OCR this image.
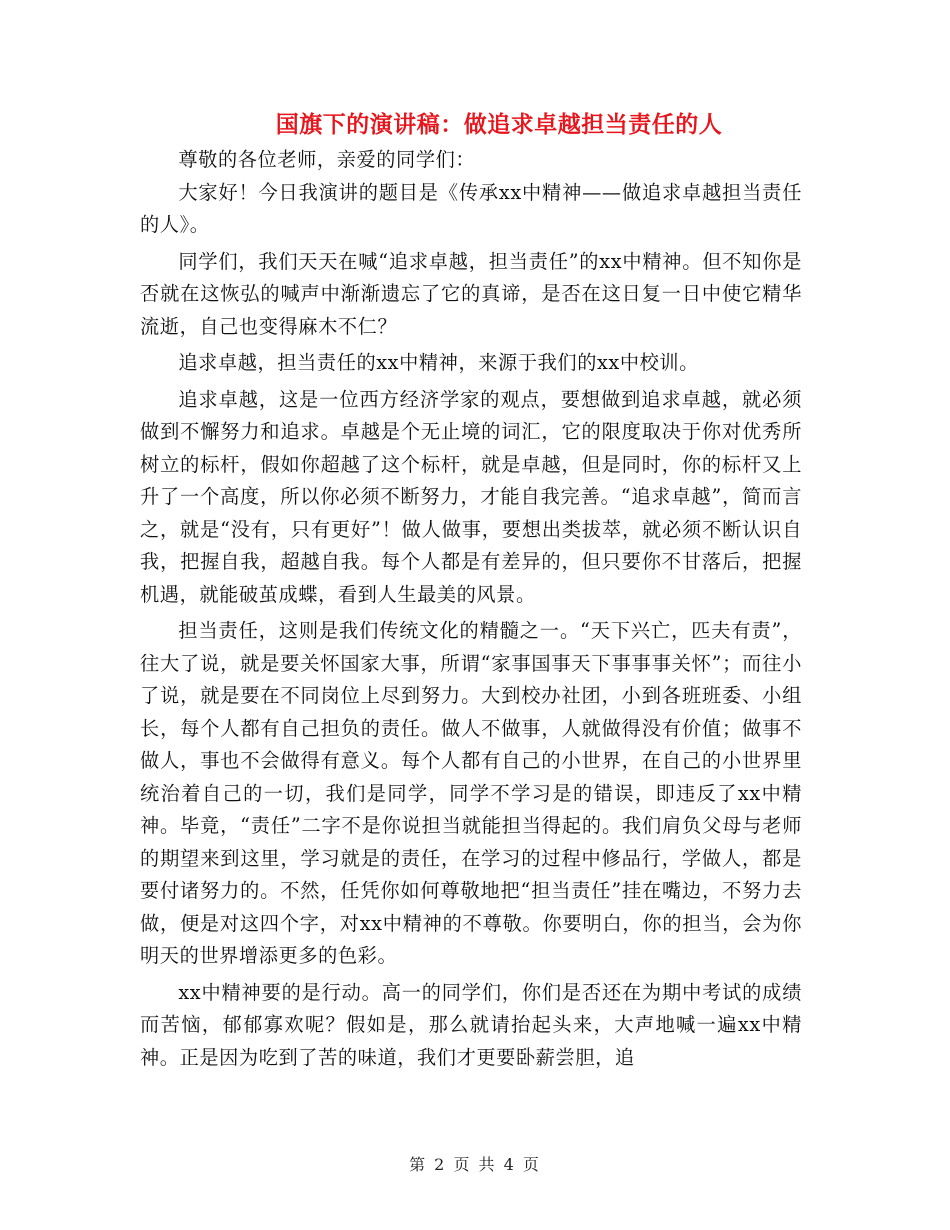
国旗下的演讲稿：做追求卓越担当责任的人

尊敬的各位老师，亲爱的同学们：

大家好！今日我演讲的题目是《传承xx中精神——做追求卓越担当责任的人》。

同学们，我们天天在喊“追求卓越，担当责任”的xx中精神。但不知你是否就在这恢弘的喊声中渐渐遗忘了它的真谛，是否在这日复一日中使它精华流逝，自己也变得麻木不仁？

追求卓越，担当责任的xx中精神，来源于我们的xx中校训。

追求卓越，这是一位西方经济学家的观点，要想做到追求卓越，就必须做到不懈努力和追求。卓越是个无止境的词汇，它的限度取决于你对优秀所树立的标杆，假如你超越了这个标杆，就是卓越，但是同时，你的标杆又上升了一个高度，所以你必须不断努力，才能自我完善。“追求卓越”，简而言之，就是“没有，只有更好”！做人做事，要想出类拔萃，就必须不断认识自我，把握自我，超越自我。每个人都是有差异的，但只要你不甘落后，把握机遇，就能破茧成蝶，看到人生最美的风景。

担当责任，这则是我们传统文化的精髓之一。“天下兴亡，匹夫有责”，往大了说，就是要关怀国家大事，所谓“家事国事天下事事事关怀”；而往小了说，就是要在不同岗位上尽到努力。大到校办社团，小到各班班委、小组长，每个人都有自己担负的责任。做人不做事，人就做得没有价值；做事不做人，事也不会做得有意义。每个人都有自己的小世界，在自己的小世界里统治着自己的一切，我们是同学，同学不学习是的错误，即违反了xx中精神。毕竟，“责任”二字不是你说担当就能担当得起的。我们肩负父母与老师的期望来到这里，学习就是的责任，在学习的过程中修品行，学做人，都是要付诸努力的。不然，任凭你如何尊敬地把“担当责任”挂在嘴边，不努力去做，便是对这四个字，对xx中精神的不尊敬。你要明白，你的担当，会为你明天的世界增添更多的色彩。

xx中精神要的是行动。高一的同学们，你们是否还在为期中考试的成绩而苦恼，郁郁寡欢呢？假如是，那么就请抬起头来，大声地喊一遍xx中精神。正是因为吃到了苦的味道，我们才更要卧薪尝胆，追

第 2 页 共 4 页
